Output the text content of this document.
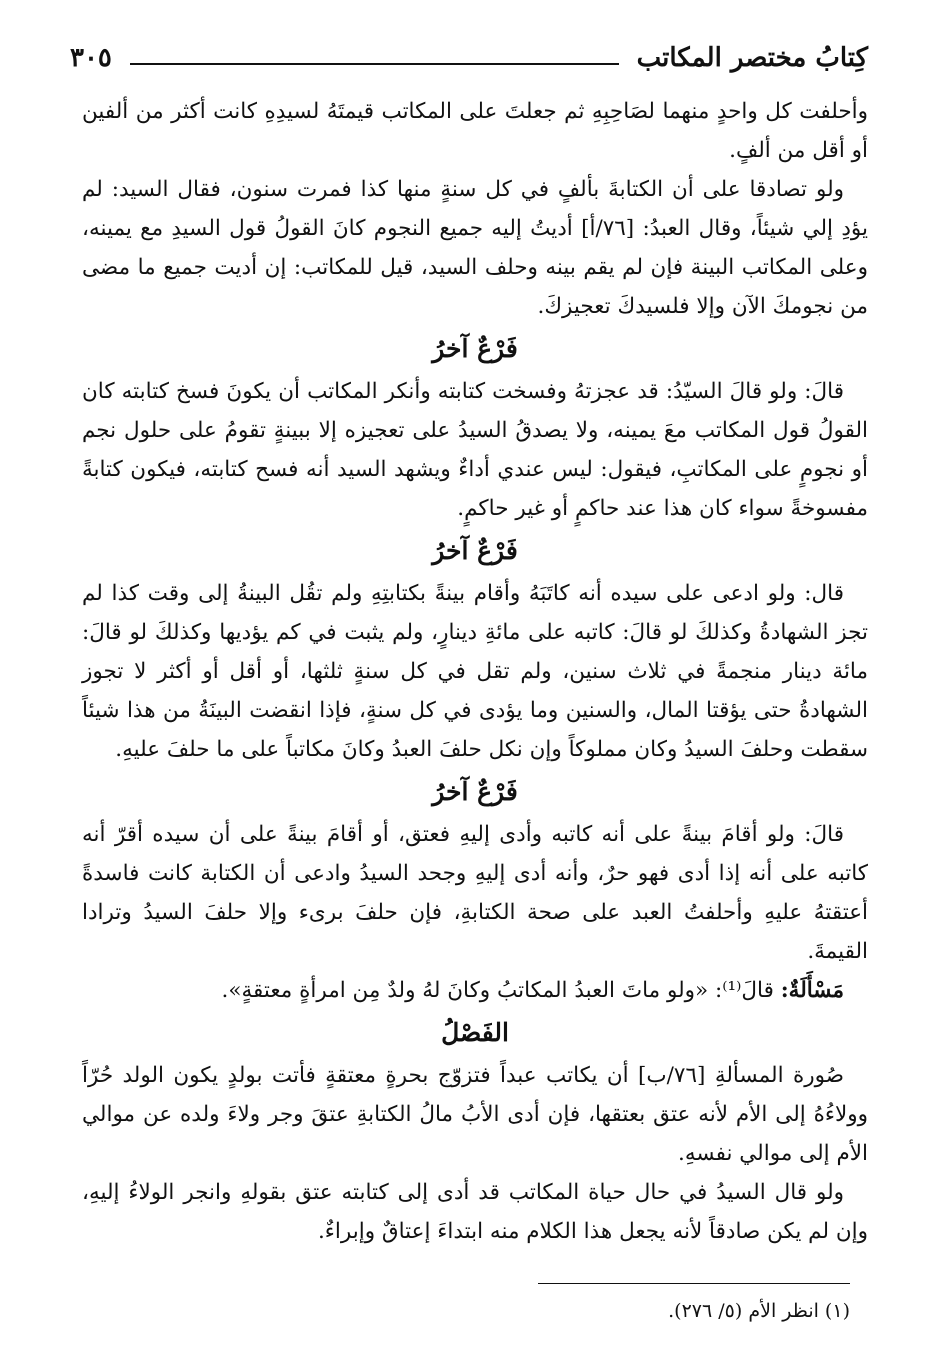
كِتابُ مختصر المكاتب
٣٠٥

وأحلفت كل واحدٍ منهما لصَاحِبِهِ ثم جعلتَ على المكاتب قيمتَهُ لسيدِهِ كانت أكثر من ألفين أو أقل من ألفٍ.

ولو تصادقا على أن الكتابةَ بألفٍ في كل سنةٍ منها كذا فمرت سنون، فقال السيد: لم يؤدِ إلي شيئاً، وقال العبدُ: [٧٦/أ] أديتُ إليه جميع النجوم كانَ القولُ قول السيدِ مع يمينه، وعلى المكاتب البينة فإن لم يقم بينه وحلف السيد، قيل للمكاتب: إن أديت جميع ما مضى من نجومكَ الآن وإلا فلسيدكَ تعجيزكَ.

فَرْعٌ آخرُ

قالَ: ولو قالَ السيّدُ: قد عجزتهُ وفسخت كتابته وأنكر المكاتب أن يكونَ فسخ كتابته كان القولُ قول المكاتب معَ يمينه، ولا يصدقُ السيدُ على تعجيزه إلا ببينةٍ تقومُ على حلول نجم أو نجومٍ على المكاتبِ، فيقول: ليس عندي أداءٌ ويشهد السيد أنه فسح كتابته، فيكون كتابةً مفسوخةً سواء كان هذا عند حاكمٍ أو غير حاكمٍ.

فَرْعٌ آخرُ

قال: ولو ادعى على سيده أنه كاتَبَهُ وأقام بينةً بكتابتِهِ ولم تقُل البينةُ إلى وقت كذا لم تجز الشهادةُ وكذلكَ لو قالَ: كاتبه على مائةِ دينارٍ، ولم يثبت في كم يؤديها وكذلكَ لو قالَ: مائة دينار منجمةً في ثلاث سنين، ولم تقل في كل سنةٍ ثلثها، أو أقل أو أكثر لا تجوز الشهادةُ حتى يؤقتا المال، والسنين وما يؤدى في كل سنةٍ، فإذا انقضت البينَةُ من هذا شيئاً سقطت وحلفَ السيدُ وكان مملوكاً وإن نكل حلفَ العبدُ وكانَ مكاتباً على ما حلفَ عليهِ.

فَرْعٌ آخرُ

قالَ: ولو أقامَ بينةً على أنه كاتبه وأدى إليهِ فعتق، أو أقامَ بينةً على أن سيده أقرّ أنه كاتبه على أنه إذا أدى فهو حرٌ، وأنه أدى إليهِ وجحد السيدُ وادعى أن الكتابة كانت فاسدةً أعتقتهُ عليهِ وأحلفتُ العبد على صحة الكتابةِ، فإن حلفَ برىء وإلا حلفَ السيدُ وترادا القيمةَ.

مَسْأَلَةٌ: قالَ⁽¹⁾: «ولو ماتَ العبدُ المكاتبُ وكانَ لهُ ولدٌ مِن امرأةٍ معتقةٍ».

الفَصْلُ

صُورة المسألةِ [٧٦/ب] أن يكاتب عبداً فتزوّج بحرةٍ معتقةٍ فأتت بولدٍ يكون الولد حُرّاً وولاءُهُ إلى الأم لأنه عتق بعتقها، فإن أدى الأبُ مالُ الكتابةِ عتقَ وجر ولاءَ ولده عن موالي الأم إلى موالي نفسهِ.

ولو قال السيدُ في حال حياة المكاتب قد أدى إلى كتابته عتق بقولهِ وانجر الولاءُ إليهِ، وإن لم يكن صادقاً لأنه يجعل هذا الكلام منه ابتداءَ إعتاقٌ وإبراءٌ.

(١) انظر الأم (٥/ ٢٧٦).
